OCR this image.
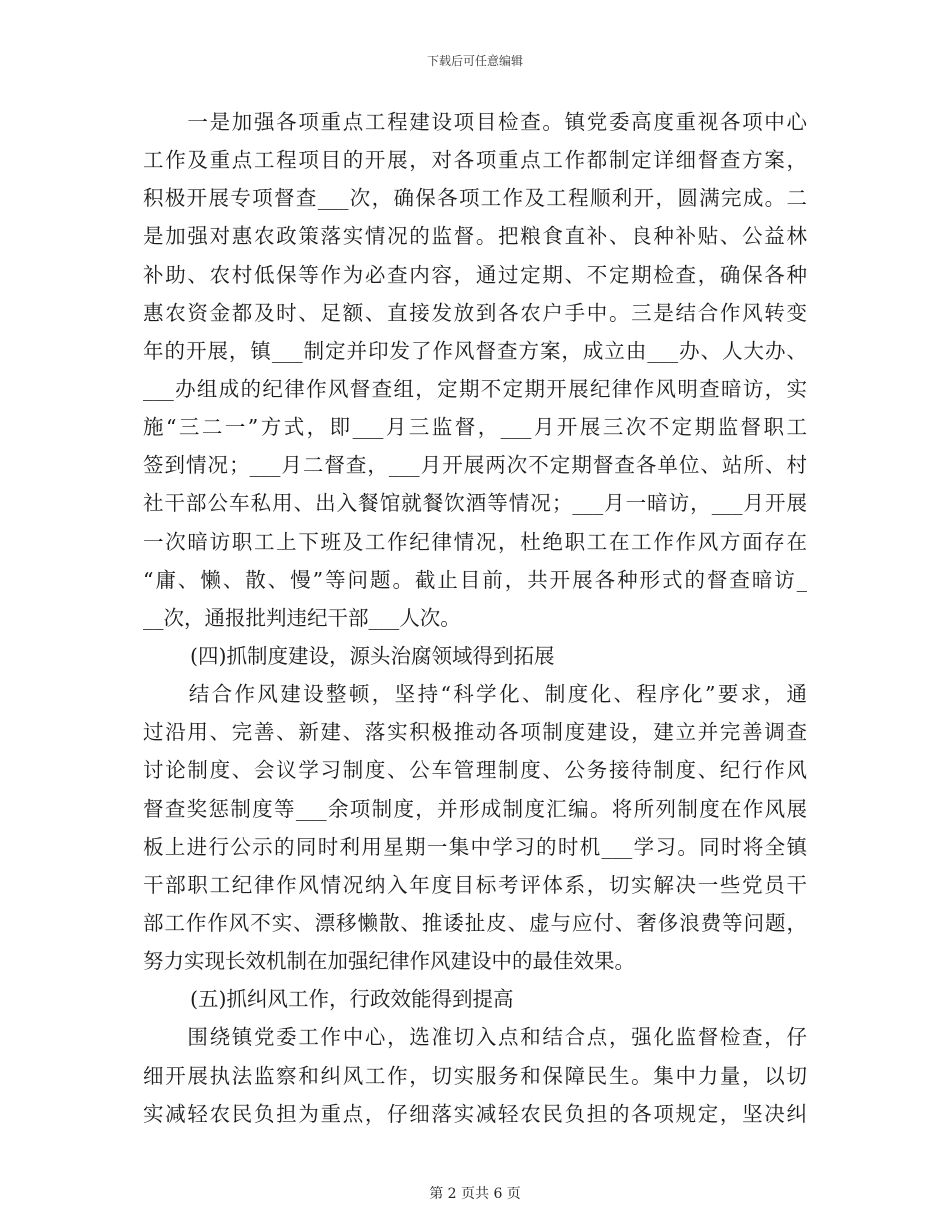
下载后可任意编辑
　　一是加强各项重点工程建设项目检查。镇党委高度重视各项中心
工作及重点工程项目的开展，对各项重点工作都制定详细督查方案，
积极开展专项督查___次，确保各项工作及工程顺利开，圆满完成。二
是加强对惠农政策落实情况的监督。把粮食直补、良种补贴、公益林
补助、农村低保等作为必查内容，通过定期、不定期检查，确保各种
惠农资金都及时、足额、直接发放到各农户手中。三是结合作风转变
年的开展，镇___制定并印发了作风督查方案，成立由___办、人大办、
___办组成的纪律作风督查组，定期不定期开展纪律作风明查暗访，实
施“三二一”方式，即___月三监督，___月开展三次不定期监督职工
签到情况；___月二督查，___月开展两次不定期督查各单位、站所、村
社干部公车私用、出入餐馆就餐饮酒等情况；___月一暗访，___月开展
一次暗访职工上下班及工作纪律情况，杜绝职工在工作作风方面存在
“庸、懒、散、慢”等问题。截止目前，共开展各种形式的督查暗访_
__次，通报批判违纪干部___人次。
(四)抓制度建设，源头治腐领域得到拓展
　　结合作风建设整顿，坚持“科学化、制度化、程序化”要求，通
过沿用、完善、新建、落实积极推动各项制度建设，建立并完善调查
讨论制度、会议学习制度、公车管理制度、公务接待制度、纪行作风
督查奖惩制度等___余项制度，并形成制度汇编。将所列制度在作风展
板上进行公示的同时利用星期一集中学习的时机___学习。同时将全镇
干部职工纪律作风情况纳入年度目标考评体系，切实解决一些党员干
部工作作风不实、漂移懒散、推诿扯皮、虚与应付、奢侈浪费等问题，
努力实现长效机制在加强纪律作风建设中的最佳效果。
(五)抓纠风工作，行政效能得到提高
　　围绕镇党委工作中心，选准切入点和结合点，强化监督检查，仔
细开展执法监察和纠风工作，切实服务和保障民生。集中力量，以切
实减轻农民负担为重点，仔细落实减轻农民负担的各项规定，坚决纠
第 2 页共 6 页
